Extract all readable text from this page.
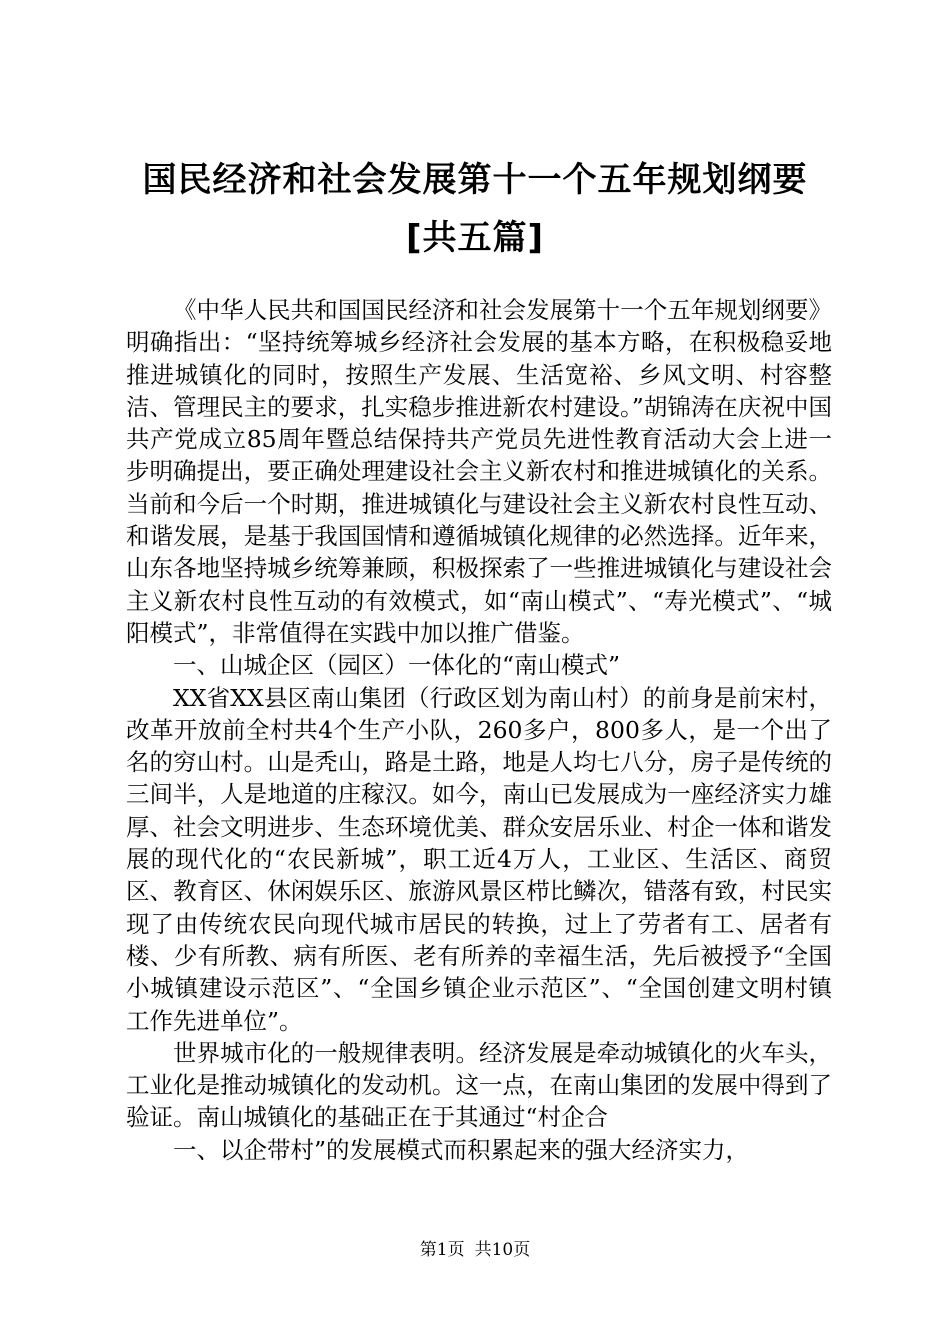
国民经济和社会发展第十一个五年规划纲要
[共五篇]

《中华人民共和国国民经济和社会发展第十一个五年规划纲要》明确指出：“坚持统筹城乡经济社会发展的基本方略，在积极稳妥地推进城镇化的同时，按照生产发展、生活宽裕、乡风文明、村容整洁、管理民主的要求，扎实稳步推进新农村建设。”胡锦涛在庆祝中国共产党成立85周年暨总结保持共产党员先进性教育活动大会上进一步明确提出，要正确处理建设社会主义新农村和推进城镇化的关系。当前和今后一个时期，推进城镇化与建设社会主义新农村良性互动、和谐发展，是基于我国国情和遵循城镇化规律的必然选择。近年来，山东各地坚持城乡统筹兼顾，积极探索了一些推进城镇化与建设社会主义新农村良性互动的有效模式，如“南山模式”、“寿光模式”、“城阳模式”，非常值得在实践中加以推广借鉴。

一、山城企区（园区）一体化的“南山模式”

XX省XX县区南山集团（行政区划为南山村）的前身是前宋村，改革开放前全村共4个生产小队，260多户，800多人，是一个出了名的穷山村。山是秃山，路是土路，地是人均七八分，房子是传统的三间半，人是地道的庄稼汉。如今，南山已发展成为一座经济实力雄厚、社会文明进步、生态环境优美、群众安居乐业、村企一体和谐发展的现代化的“农民新城”，职工近4万人，工业区、生活区、商贸区、教育区、休闲娱乐区、旅游风景区栉比鳞次，错落有致，村民实现了由传统农民向现代城市居民的转换，过上了劳者有工、居者有楼、少有所教、病有所医、老有所养的幸福生活，先后被授予“全国小城镇建设示范区”、“全国乡镇企业示范区”、“全国创建文明村镇工作先进单位”。

世界城市化的一般规律表明。经济发展是牵动城镇化的火车头，工业化是推动城镇化的发动机。这一点，在南山集团的发展中得到了验证。南山城镇化的基础正在于其通过“村企合

一、以企带村”的发展模式而积累起来的强大经济实力，

第1页 共10页
